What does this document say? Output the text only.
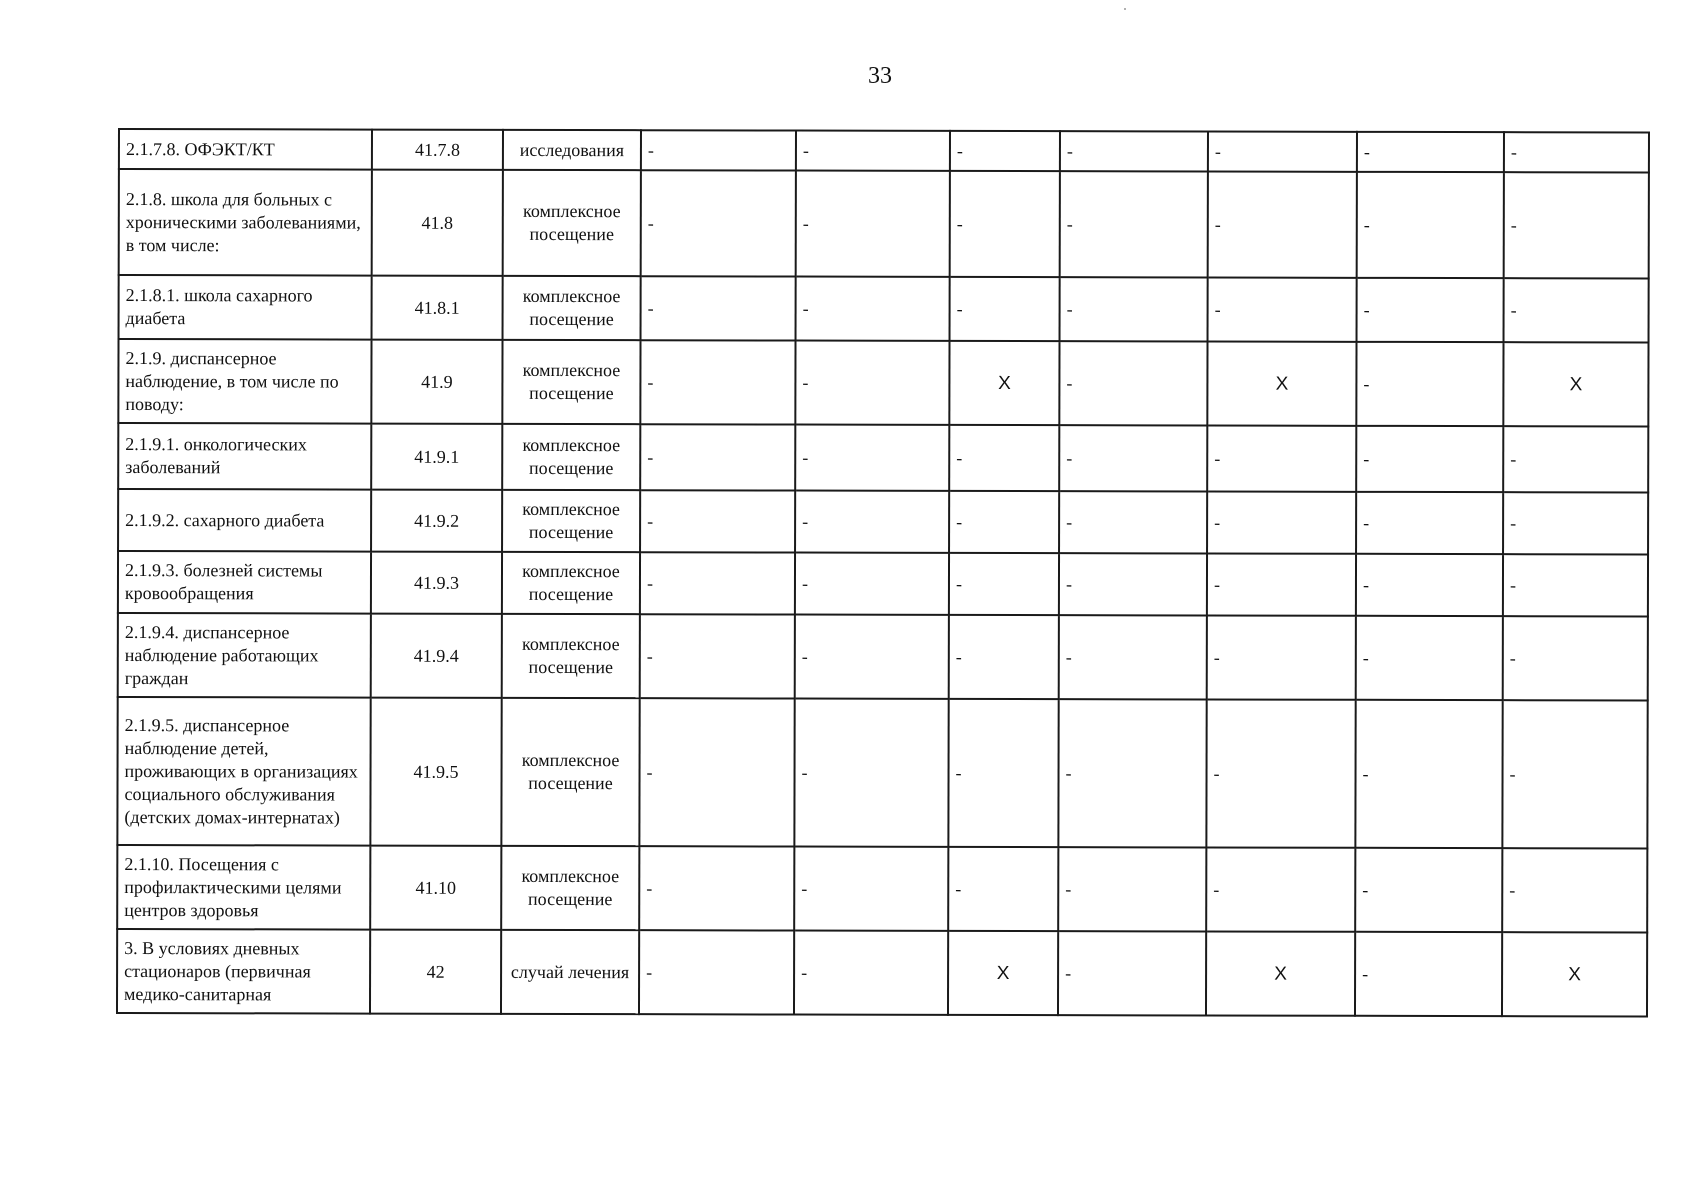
33
2.1.7.8. ОФЭКТ/КТ	41.7.8	исследования	-	-	-	-	-	-	-
2.1.8. школа для больных с хроническими заболеваниями, в том числе:	41.8	комплексное посещение	-	-	-	-	-	-	-
2.1.8.1. школа сахарного диабета	41.8.1	комплексное посещение	-	-	-	-	-	-	-
2.1.9. диспансерное наблюдение, в том числе по поводу:	41.9	комплексное посещение	-	-	X	-	X	-	X
2.1.9.1. онкологических заболеваний	41.9.1	комплексное посещение	-	-	-	-	-	-	-
2.1.9.2. сахарного диабета	41.9.2	комплексное посещение	-	-	-	-	-	-	-
2.1.9.3. болезней системы кровообращения	41.9.3	комплексное посещение	-	-	-	-	-	-	-
2.1.9.4. диспансерное наблюдение работающих граждан	41.9.4	комплексное посещение	-	-	-	-	-	-	-
2.1.9.5. диспансерное наблюдение детей, проживающих в организациях социального обслуживания (детских домах-интернатах)	41.9.5	комплексное посещение	-	-	-	-	-	-	-
2.1.10. Посещения с профилактическими целями центров здоровья	41.10	комплексное посещение	-	-	-	-	-	-	-
3. В условиях дневных стационаров (первичная медико-санитарная	42	случай лечения	-	-	X	-	X	-	X
